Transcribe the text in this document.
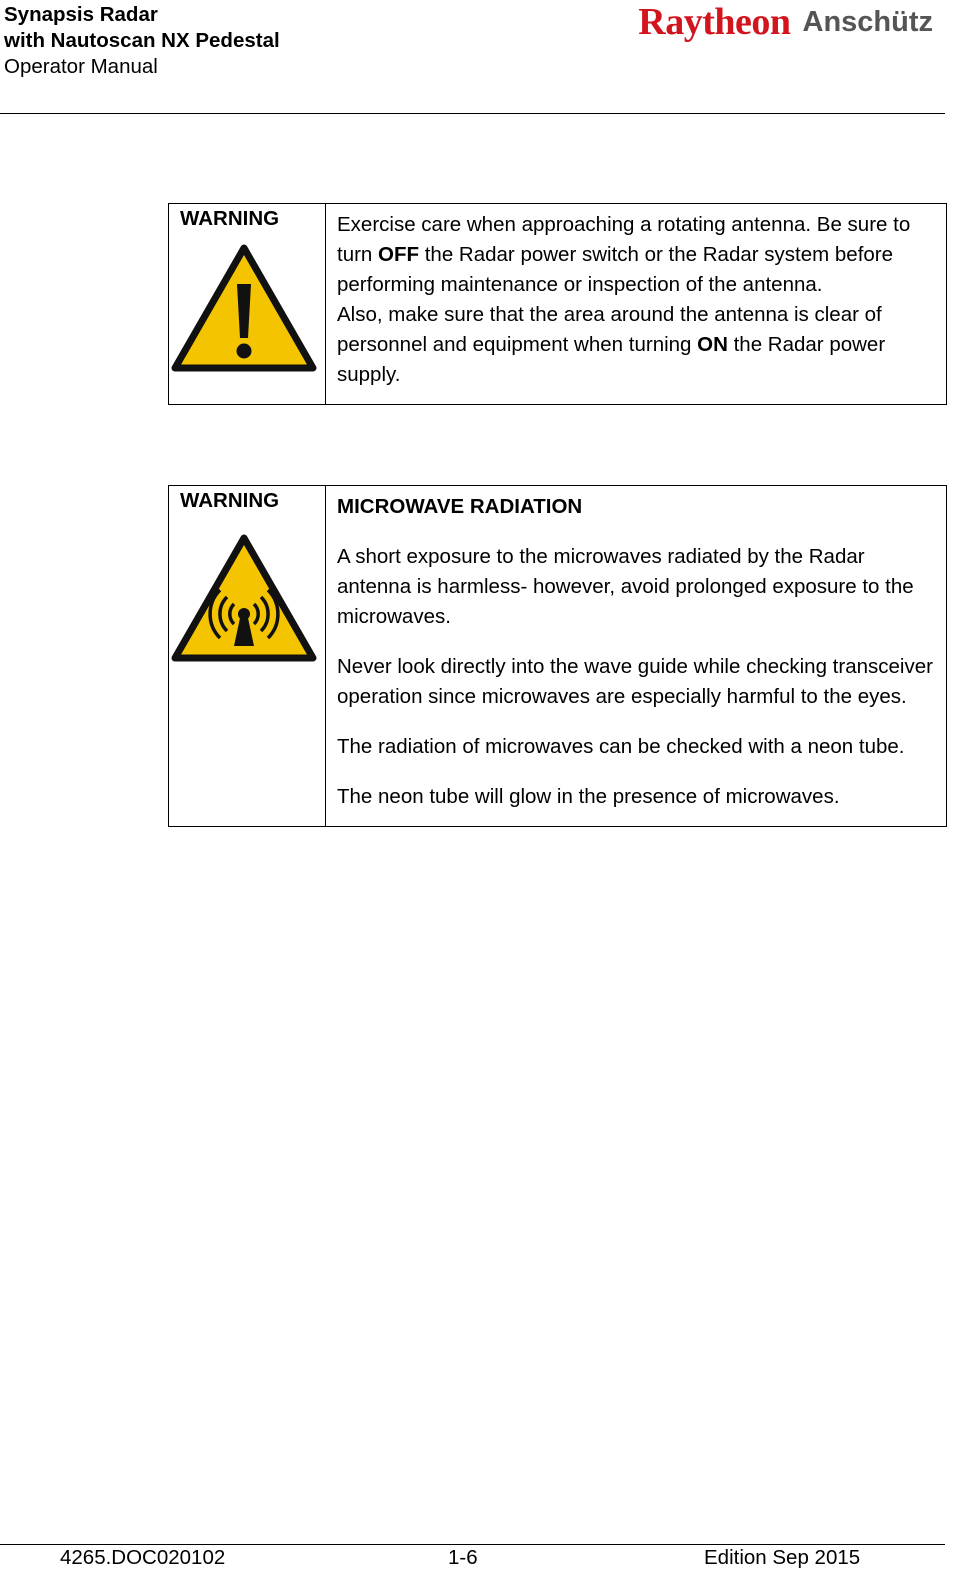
Synapsis Radar
with Nautoscan NX Pedestal
Operator Manual
Raytheon Anschütz
WARNING	Exercise care when approaching a rotating antenna. Be sure to turn OFF the Radar power switch or the Radar system before performing maintenance or inspection of the antenna.

Also, make sure that the area around the antenna is clear of personnel and equipment when turning ON the Radar power supply.

WARNING	MICROWAVE RADIATION

A short exposure to the microwaves radiated by the Radar antenna is harmless- however, avoid prolonged exposure to the microwaves.

Never look directly into the wave guide while checking transceiver operation since microwaves are especially harmful to the eyes.

The radiation of microwaves can be checked with a neon tube.

The neon tube will glow in the presence of microwaves.

4265.DOC020102	1-6	Edition Sep 2015
